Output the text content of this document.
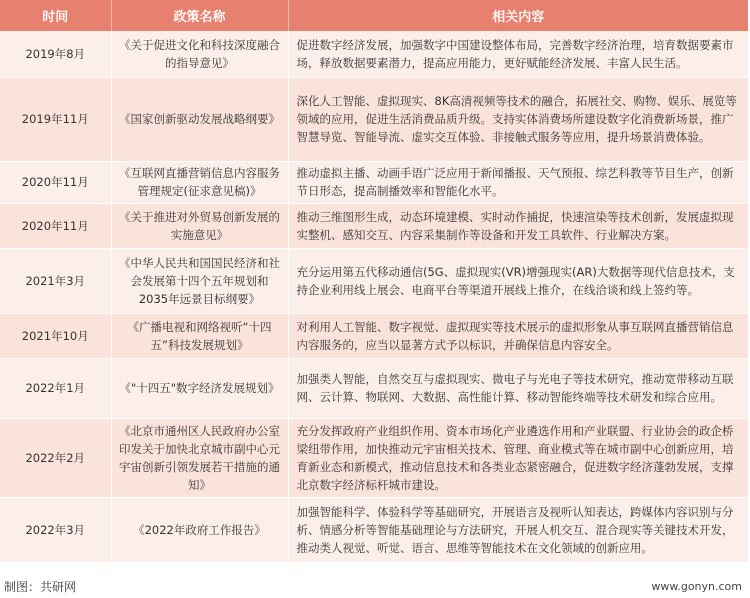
时间	政策名称	相关内容
2019年8月	《关于促进文化和科技深度融合的指导意见》	促进数字经济发展，加强数字中国建设整体布局，完善数字经济治理，培育数据要素市场，释放数据要素潜力，提高应用能力，更好赋能经济发展、丰富人民生活。
2019年11月	《国家创新驱动发展战略纲要》	深化人工智能、虚拟现实、8K高清视频等技术的融合，拓展社交、购物、娱乐、展览等领域的应用，促进生活消费品质升级。支持实体消费场所建设数字化消费新场景，推广智慧导览、智能导流、虚实交互体验、非接触式服务等应用，提升场景消费体验。
2020年11月	《互联网直播营销信息内容服务管理规定(征求意见稿)》	推动虚拟主播、动画手语广泛应用于新闻播报、天气预报、综艺科教等节目生产，创新节日形态，提高制播效率和智能化水平。
2020年11月	《关于推进对外贸易创新发展的实施意见》	推动三维图形生成，动态环境建模、实时动作捕捉，快速渲染等技术创新，发展虚拟现实整机、感知交互、内容采集制作等设备和开发工具软件、行业解决方案。
2021年3月	《中华人民共和国国民经济和社会发展第十四个五年规划和2035年远景目标纲要》	充分运用第五代移动通信(5G、虚拟现实(VR)增强现实(AR)大数据等现代信息技术，支持企业利用线上展会、电商平台等渠道开展线上推介，在线洽谈和线上签约等。
2021年10月	《广播电视和网络视听“十四五”科技发展规划》	对利用人工智能、数字视觉、虚拟现实等技术展示的虚拟形象从事互联网直播营销信息内容服务的，应当以显著方式予以标识，并确保信息内容安全。
2022年1月	《"十四五"数字经济发展规划》	加强类人智能，自然交互与虚拟现实、微电子与光电子等技术研究，推动宽带移动互联网、云计算、物联网、大数据、高性能计算、移动智能终端等技术研发和综合应用。
2022年2月	《北京市通州区人民政府办公室印发关于加快北京城市副中心元宇宙创新引领发展若干措施的通知》	充分发挥政府产业组织作用、资本市场化产业遴选作用和产业联盟、行业协会的政企桥梁纽带作用，加快推动元宇宙相关技术、管理、商业模式等在城市副中心创新应用，培育新业态和新模式，推动信息技术和各类业态紧密融合，促进数字经济蓬勃发展，支撑北京数字经济标杆城市建设。
2022年3月	《2022年政府工作报告》	加强智能科学、体验科学等基础研究，开展语言及视听认知表达，跨媒体内容识别与分析、情感分析等智能基础理论与方法研究，开展人机交互、混合现实等关键技术开发，推动类人视觉、听觉、语言、思维等智能技术在文化领域的创新应用。
制图：共研网	www.gonyn.com
